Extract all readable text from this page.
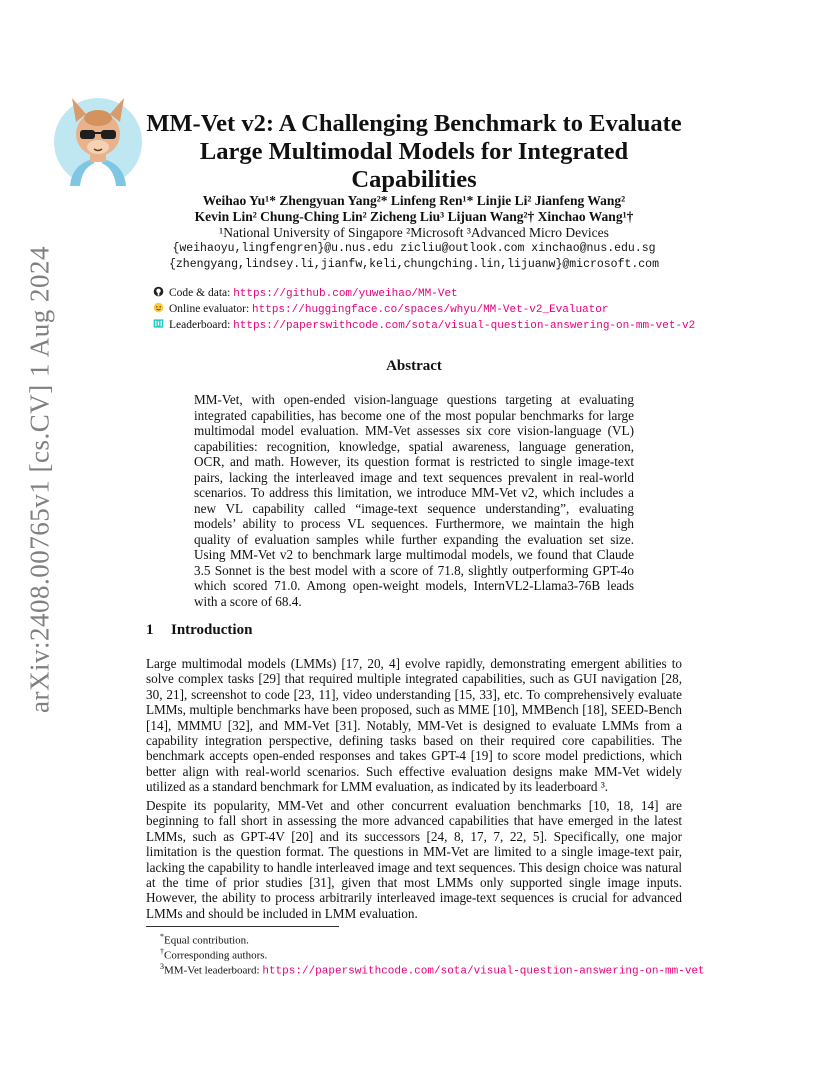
arXiv:2408.00765v1 [cs.CV] 1 Aug 2024
MM-Vet v2: A Challenging Benchmark to Evaluate Large Multimodal Models for Integrated Capabilities
Weihao Yu¹* Zhengyuan Yang²* Linfeng Ren¹* Linjie Li² Jianfeng Wang²
Kevin Lin² Chung-Ching Lin² Zicheng Liu³ Lijuan Wang²† Xinchao Wang¹†
¹National University of Singapore ²Microsoft ³Advanced Micro Devices
{weihaoyu,lingfengren}@u.nus.edu zicliu@outlook.com xinchao@nus.edu.sg
{zhengyang,lindsey.li,jianfw,keli,chungching.lin,lijuanw}@microsoft.com
Code & data: https://github.com/yuweihao/MM-Vet
Online evaluator: https://huggingface.co/spaces/whyu/MM-Vet-v2_Evaluator
Leaderboard: https://paperswithcode.com/sota/visual-question-answering-on-mm-vet-v2
Abstract
MM-Vet, with open-ended vision-language questions targeting at evaluating integrated capabilities, has become one of the most popular benchmarks for large multimodal model evaluation. MM-Vet assesses six core vision-language (VL) capabilities: recognition, knowledge, spatial awareness, language generation, OCR, and math. However, its question format is restricted to single image-text pairs, lacking the interleaved image and text sequences prevalent in real-world scenarios. To address this limitation, we introduce MM-Vet v2, which includes a new VL capability called “image-text sequence understanding”, evaluating models’ ability to process VL sequences. Furthermore, we maintain the high quality of evaluation samples while further expanding the evaluation set size. Using MM-Vet v2 to benchmark large multimodal models, we found that Claude 3.5 Sonnet is the best model with a score of 71.8, slightly outperforming GPT-4o which scored 71.0. Among open-weight models, InternVL2-Llama3-76B leads with a score of 68.4.
1 Introduction
Large multimodal models (LMMs) [17, 20, 4] evolve rapidly, demonstrating emergent abilities to solve complex tasks [29] that required multiple integrated capabilities, such as GUI navigation [28, 30, 21], screenshot to code [23, 11], video understanding [15, 33], etc. To comprehensively evaluate LMMs, multiple benchmarks have been proposed, such as MME [10], MMBench [18], SEED-Bench [14], MMMU [32], and MM-Vet [31]. Notably, MM-Vet is designed to evaluate LMMs from a capability integration perspective, defining tasks based on their required core capabilities. The benchmark accepts open-ended responses and takes GPT-4 [19] to score model predictions, which better align with real-world scenarios. Such effective evaluation designs make MM-Vet widely utilized as a standard benchmark for LMM evaluation, as indicated by its leaderboard ³.
Despite its popularity, MM-Vet and other concurrent evaluation benchmarks [10, 18, 14] are beginning to fall short in assessing the more advanced capabilities that have emerged in the latest LMMs, such as GPT-4V [20] and its successors [24, 8, 17, 7, 22, 5]. Specifically, one major limitation is the question format. The questions in MM-Vet are limited to a single image-text pair, lacking the capability to handle interleaved image and text sequences. This design choice was natural at the time of prior studies [31], given that most LMMs only supported single image inputs. However, the ability to process arbitrarily interleaved image-text sequences is crucial for advanced LMMs and should be included in LMM evaluation.
*Equal contribution.
†Corresponding authors.
$^3$MM-Vet leaderboard: https://paperswithcode.com/sota/visual-question-answering-on-mm-vet
